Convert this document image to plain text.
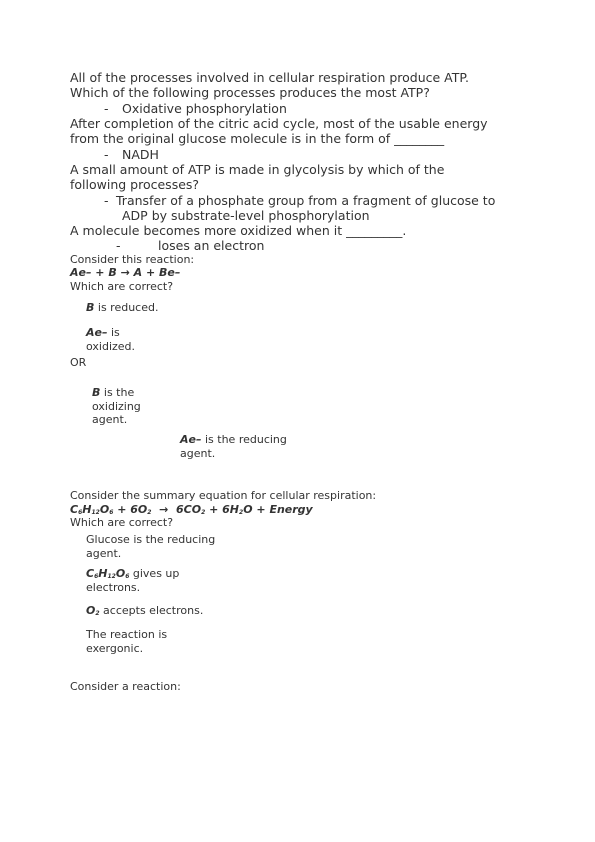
All of the processes involved in cellular respiration produce ATP.
Which of the following processes produces the most ATP?
- Oxidative phosphorylation
After completion of the citric acid cycle, most of the usable energy
from the original glucose molecule is in the form of ________
- NADH
A small amount of ATP is made in glycolysis by which of the
following processes?
- Transfer of a phosphate group from a fragment of glucose to
ADP by substrate-level phosphorylation
A molecule becomes more oxidized when it _________.
-	loses an electron
Consider this reaction:
Ae– + B → A + Be–
Which are correct?
B is reduced.
Ae– is
oxidized.
OR
B is the
oxidizing
agent.
Ae– is the reducing
agent.
Consider the summary equation for cellular respiration:
$C_6H_{12}O_6 + 6O_2 \to 6CO_2 + 6H_2O$ + Energy
Which are correct?
Glucose is the reducing
agent.
$C_6H_{12}O_6$ gives up
electrons.
$O_2$ accepts electrons.
The reaction is
exergonic.
Consider a reaction:
